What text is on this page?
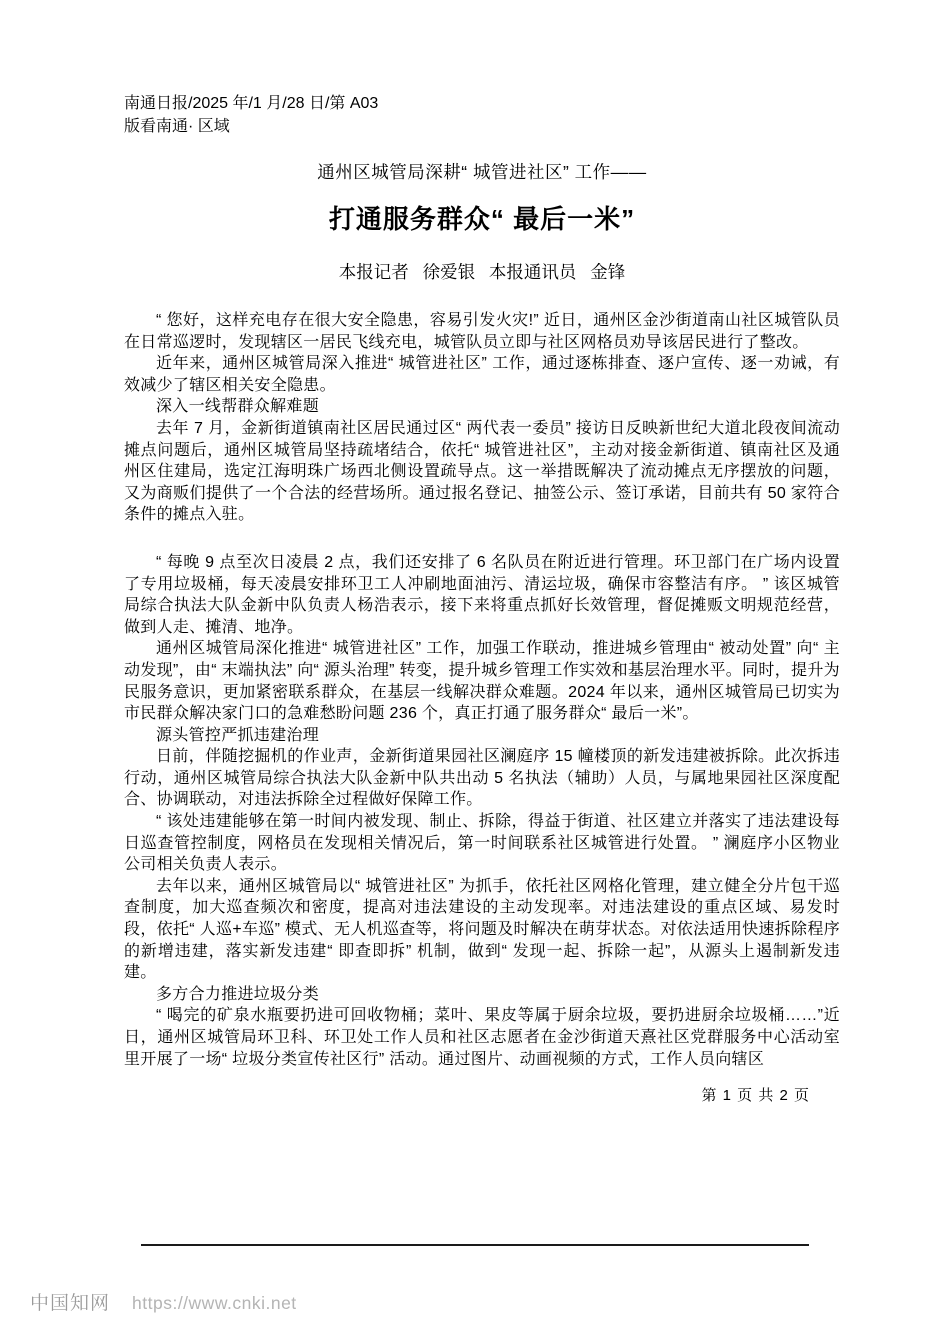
南通日报/2025 年/1 月/28 日/第 A03
版看南通· 区域
通州区城管局深耕“ 城管进社区” 工作——
打通服务群众“ 最后一米”
本报记者 徐爱银 本报通讯员 金锋

“ 您好，这样充电存在很大安全隐患，容易引发火灾!” 近日，通州区金沙街道南山社区城管队员在日常巡逻时，发现辖区一居民飞线充电，城管队员立即与社区网格员劝导该居民进行了整改。

近年来，通州区城管局深入推进“ 城管进社区” 工作，通过逐栋排查、逐户宣传、逐一劝诫，有效减少了辖区相关安全隐患。

深入一线帮群众解难题

去年 7 月，金新街道镇南社区居民通过区“ 两代表一委员” 接访日反映新世纪大道北段夜间流动摊点问题后，通州区城管局坚持疏堵结合，依托“ 城管进社区”，主动对接金新街道、镇南社区及通州区住建局，选定江海明珠广场西北侧设置疏导点。这一举措既解决了流动摊点无序摆放的问题，又为商贩们提供了一个合法的经营场所。通过报名登记、抽签公示、签订承诺，目前共有 50 家符合条件的摊点入驻。

“ 每晚 9 点至次日凌晨 2 点，我们还安排了 6 名队员在附近进行管理。环卫部门在广场内设置了专用垃圾桶，每天凌晨安排环卫工人冲刷地面油污、清运垃圾，确保市容整洁有序。 ” 该区城管局综合执法大队金新中队负责人杨浩表示，接下来将重点抓好长效管理，督促摊贩文明规范经营，做到人走、摊清、地净。

通州区城管局深化推进“ 城管进社区” 工作，加强工作联动，推进城乡管理由“ 被动处置” 向“ 主动发现”，由“ 末端执法” 向“ 源头治理” 转变，提升城乡管理工作实效和基层治理水平。同时，提升为民服务意识，更加紧密联系群众，在基层一线解决群众难题。2024 年以来，通州区城管局已切实为市民群众解决家门口的急难愁盼问题 236 个，真正打通了服务群众“ 最后一米”。

源头管控严抓违建治理

日前，伴随挖掘机的作业声，金新街道果园社区澜庭序 15 幢楼顶的新发违建被拆除。此次拆违行动，通州区城管局综合执法大队金新中队共出动 5 名执法（辅助）人员，与属地果园社区深度配合、协调联动，对违法拆除全过程做好保障工作。

“ 该处违建能够在第一时间内被发现、制止、拆除，得益于街道、社区建立并落实了违法建设每日巡查管控制度，网格员在发现相关情况后，第一时间联系社区城管进行处置。 ” 澜庭序小区物业公司相关负责人表示。

去年以来，通州区城管局以“ 城管进社区” 为抓手，依托社区网格化管理，建立健全分片包干巡查制度，加大巡查频次和密度，提高对违法建设的主动发现率。对违法建设的重点区域、易发时段，依托“ 人巡+车巡” 模式、无人机巡查等，将问题及时解决在萌芽状态。对依法适用快速拆除程序的新增违建，落实新发违建“ 即查即拆” 机制，做到“ 发现一起、拆除一起”，从源头上遏制新发违建。

多方合力推进垃圾分类

“ 喝完的矿泉水瓶要扔进可回收物桶；菜叶、果皮等属于厨余垃圾，要扔进厨余垃圾桶……”近日，通州区城管局环卫科、环卫处工作人员和社区志愿者在金沙街道天熹社区党群服务中心活动室里开展了一场“ 垃圾分类宣传社区行” 活动。通过图片、动画视频的方式，工作人员向辖区

第 1 页 共 2 页
中国知网 https://www.cnki.net
